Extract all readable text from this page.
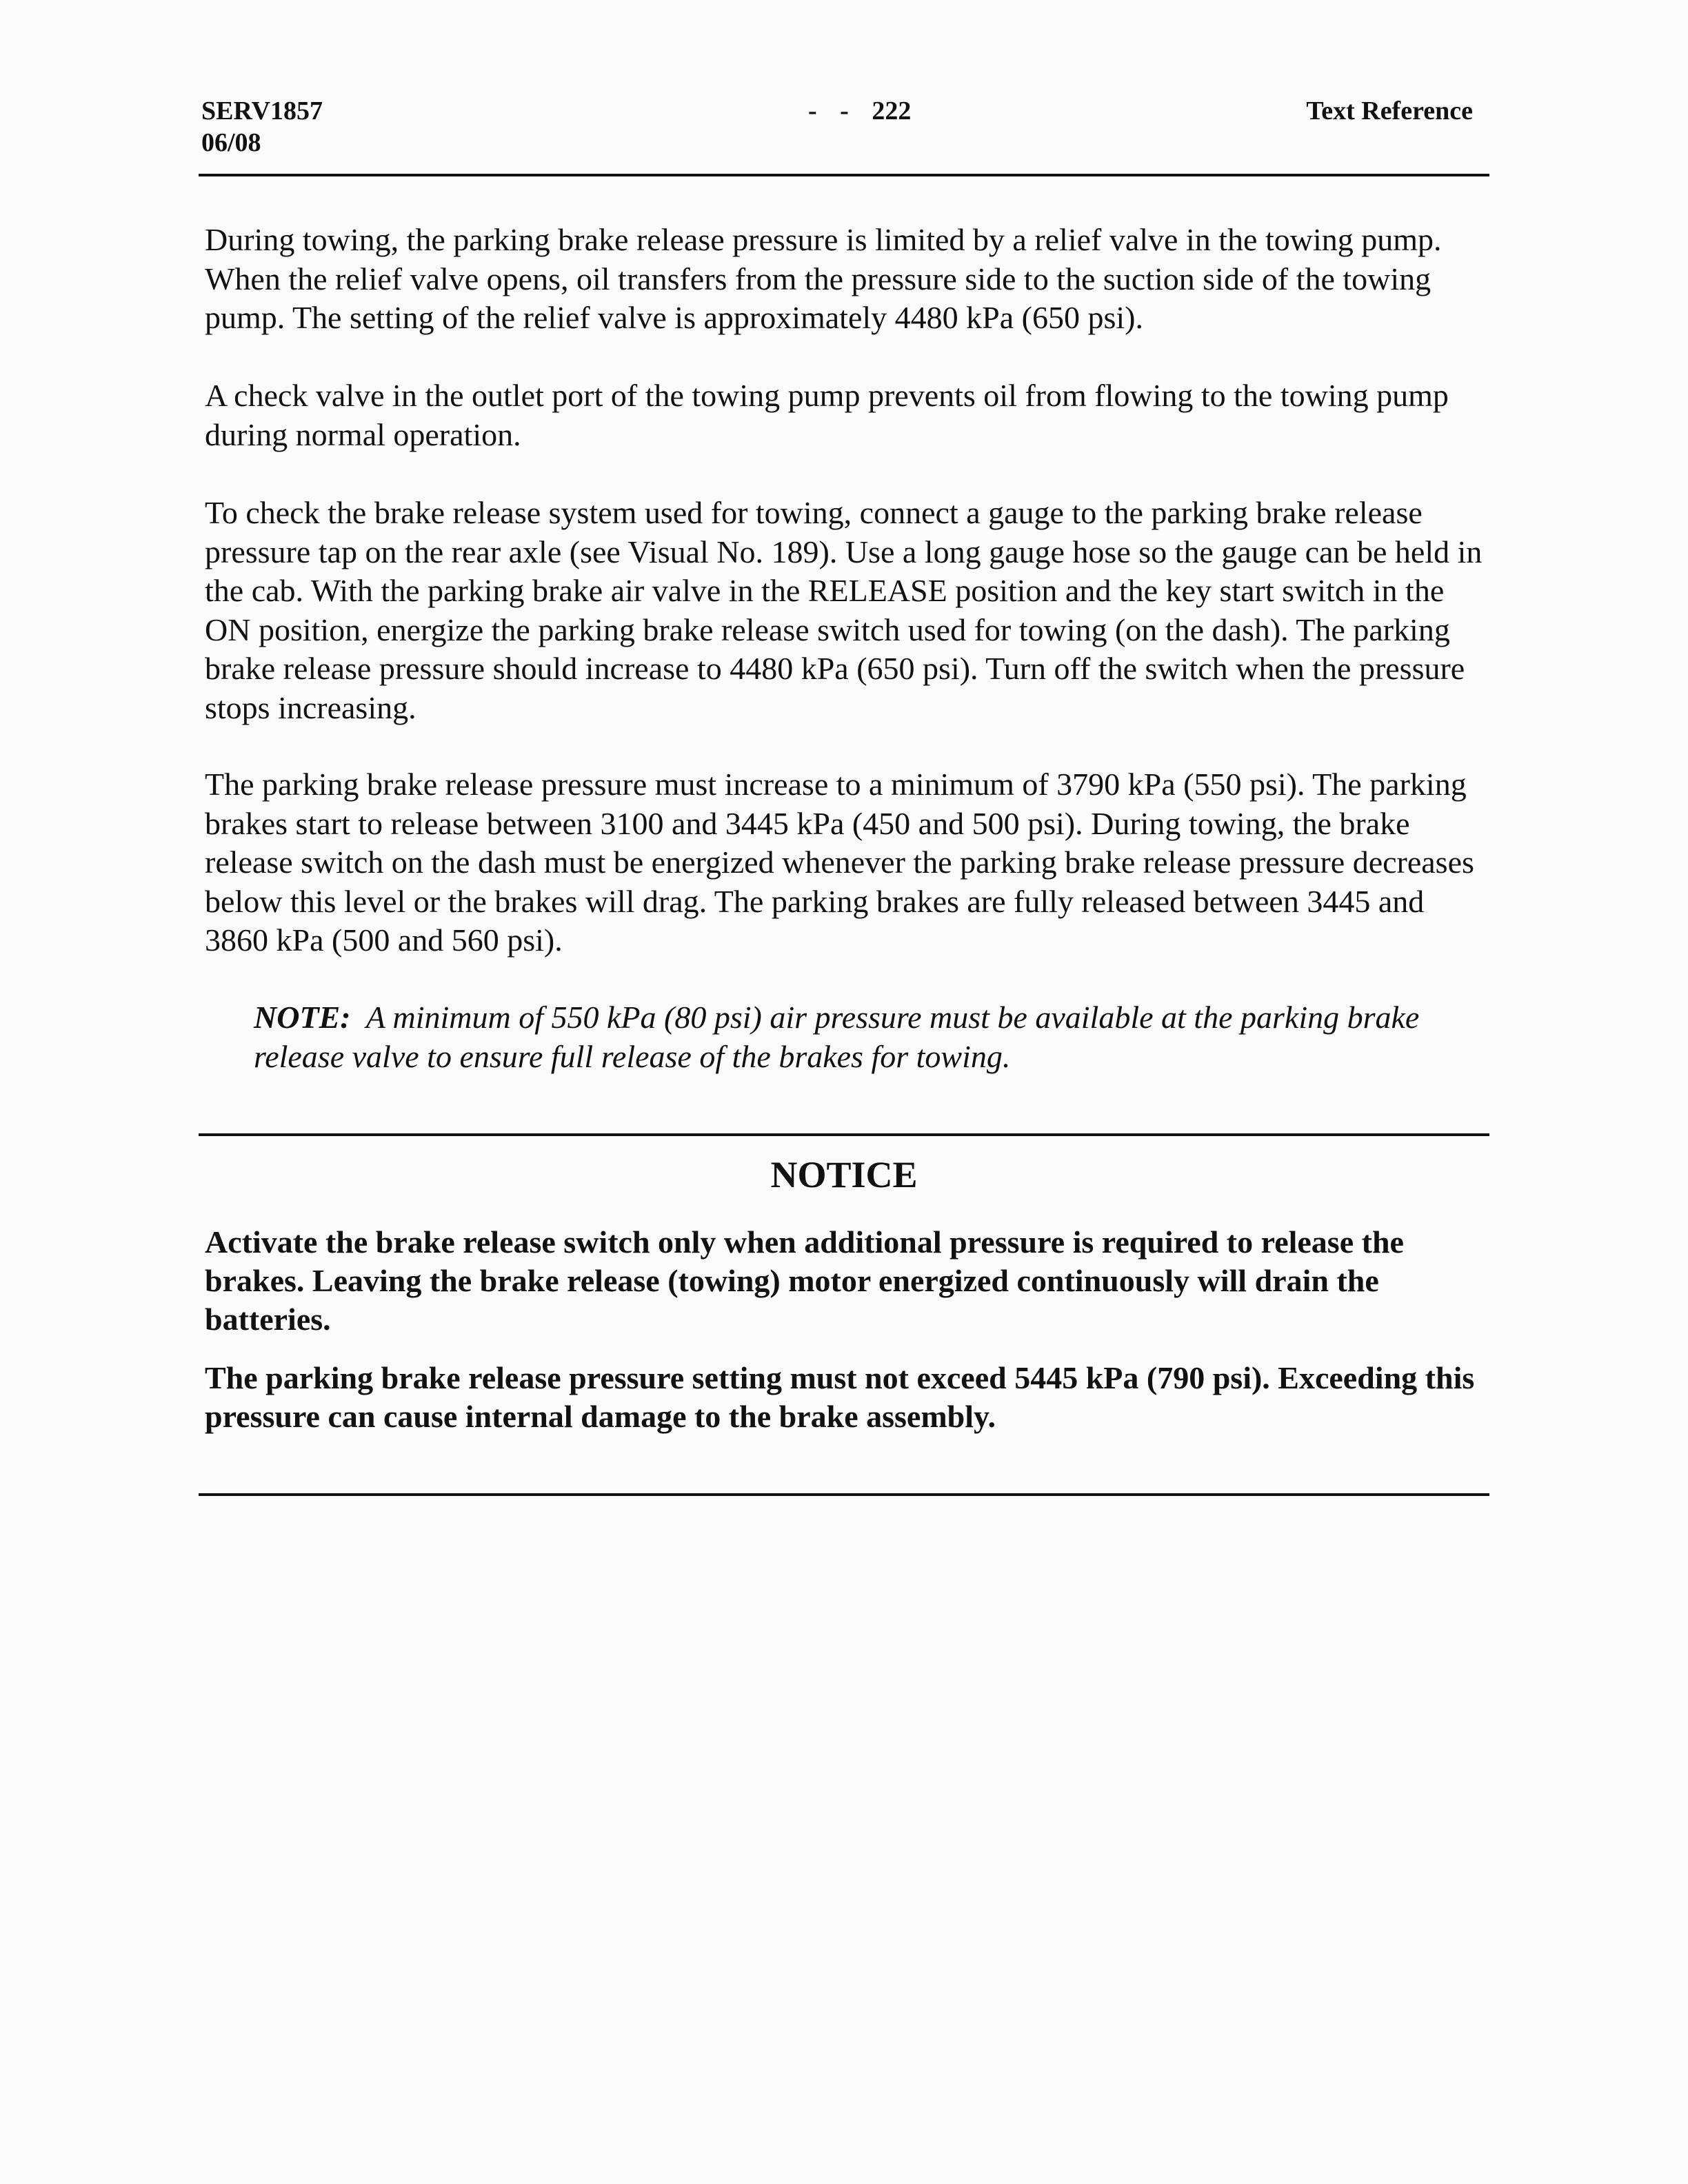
SERV1857
06/08
- - 222	Text Reference

During towing, the parking brake release pressure is limited by a relief valve in the towing pump. When the relief valve opens, oil transfers from the pressure side to the suction side of the towing pump. The setting of the relief valve is approximately 4480 kPa (650 psi).

A check valve in the outlet port of the towing pump prevents oil from flowing to the towing pump during normal operation.

To check the brake release system used for towing, connect a gauge to the parking brake release pressure tap on the rear axle (see Visual No. 189). Use a long gauge hose so the gauge can be held in the cab. With the parking brake air valve in the RELEASE position and the key start switch in the ON position, energize the parking brake release switch used for towing (on the dash). The parking brake release pressure should increase to 4480 kPa (650 psi). Turn off the switch when the pressure stops increasing.

The parking brake release pressure must increase to a minimum of 3790 kPa (550 psi). The parking brakes start to release between 3100 and 3445 kPa (450 and 500 psi). During towing, the brake release switch on the dash must be energized whenever the parking brake release pressure decreases below this level or the brakes will drag. The parking brakes are fully released between 3445 and 3860 kPa (500 and 560 psi).

NOTE: A minimum of 550 kPa (80 psi) air pressure must be available at the parking brake release valve to ensure full release of the brakes for towing.
NOTICE

Activate the brake release switch only when additional pressure is required to release the brakes. Leaving the brake release (towing) motor energized continuously will drain the batteries.

The parking brake release pressure setting must not exceed 5445 kPa (790 psi). Exceeding this pressure can cause internal damage to the brake assembly.
